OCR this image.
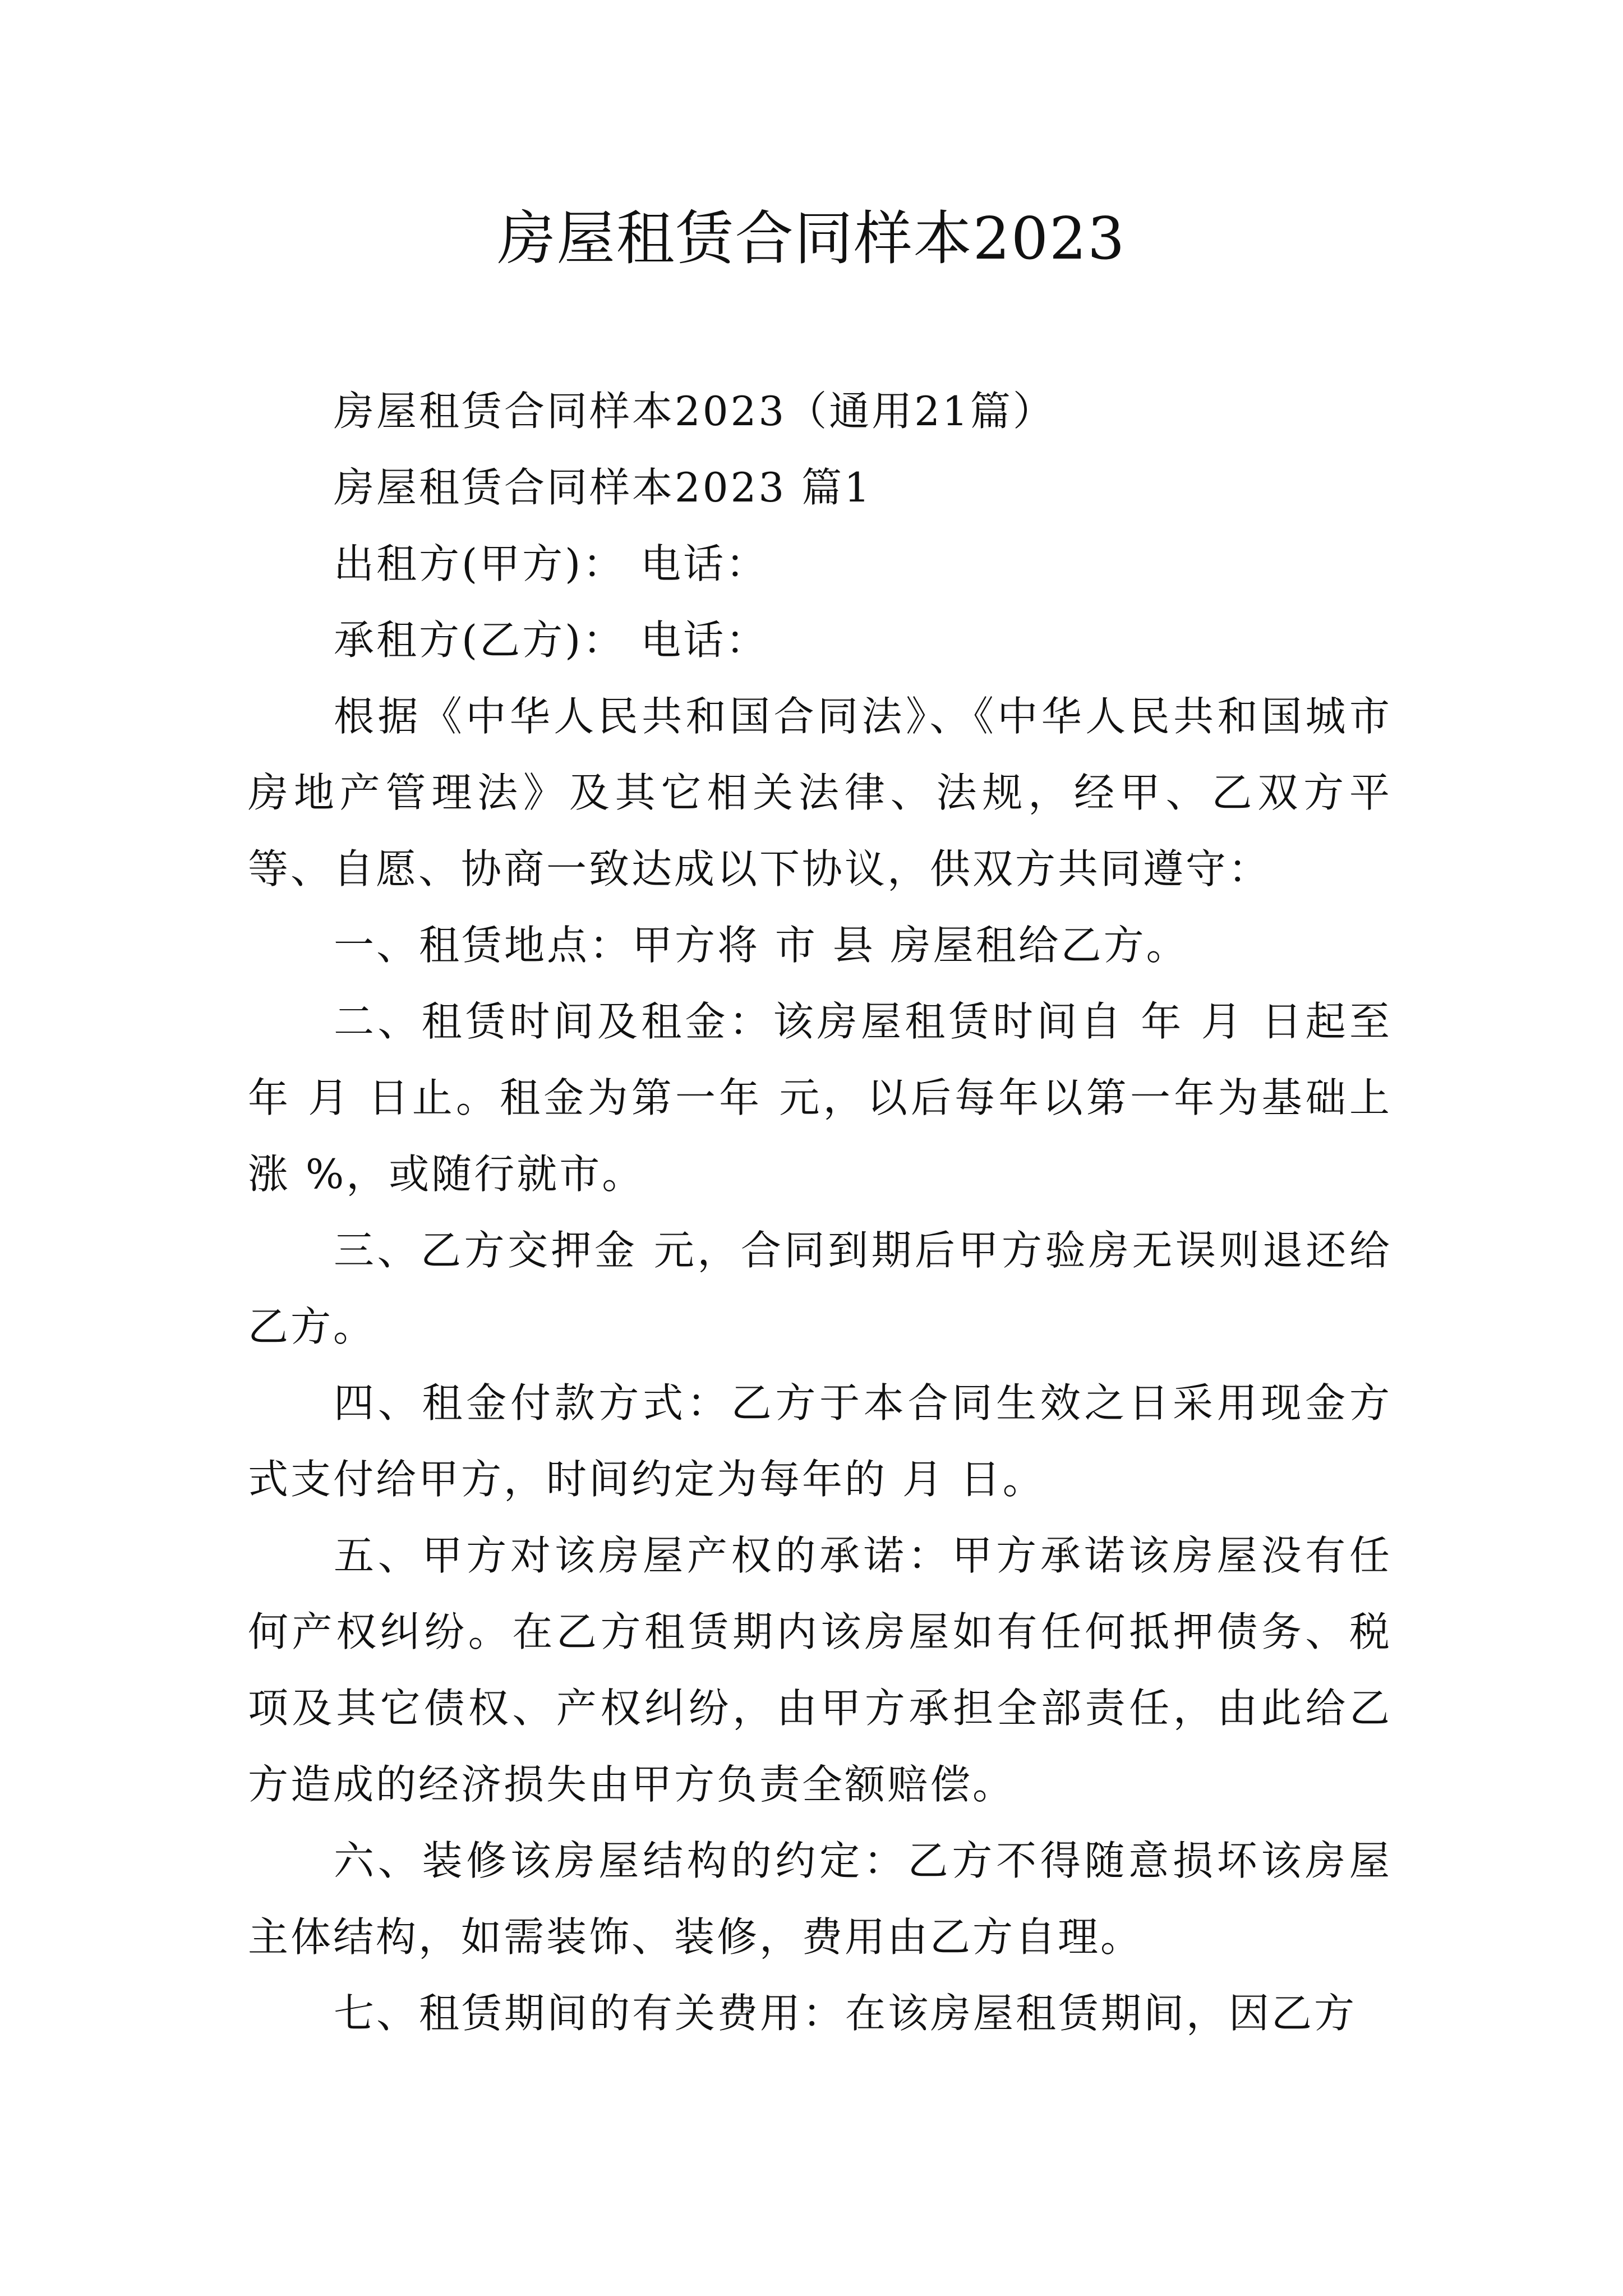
房屋租赁合同样本2023

房屋租赁合同样本2023（通用21篇）

房屋租赁合同样本2023 篇1

出租方(甲方)： 电话：

承租方(乙方)： 电话：

根据《中华人民共和国合同法》、《中华人民共和国城市房地产管理法》及其它相关法律、法规，经甲、乙双方平等、自愿、协商一致达成以下协议，供双方共同遵守：

一、租赁地点：甲方将 市 县 房屋租给乙方。

二、租赁时间及租金：该房屋租赁时间自 年 月 日起至 年 月 日止。租金为第一年 元，以后每年以第一年为基础上涨 %，或随行就市。

三、乙方交押金 元，合同到期后甲方验房无误则退还给乙方。

四、租金付款方式：乙方于本合同生效之日采用现金方式支付给甲方，时间约定为每年的 月 日。

五、甲方对该房屋产权的承诺：甲方承诺该房屋没有任何产权纠纷。在乙方租赁期内该房屋如有任何抵押债务、税项及其它债权、产权纠纷，由甲方承担全部责任，由此给乙方造成的经济损失由甲方负责全额赔偿。

六、装修该房屋结构的约定：乙方不得随意损坏该房屋主体结构，如需装饰、装修，费用由乙方自理。

七、租赁期间的有关费用：在该房屋租赁期间，因乙方
